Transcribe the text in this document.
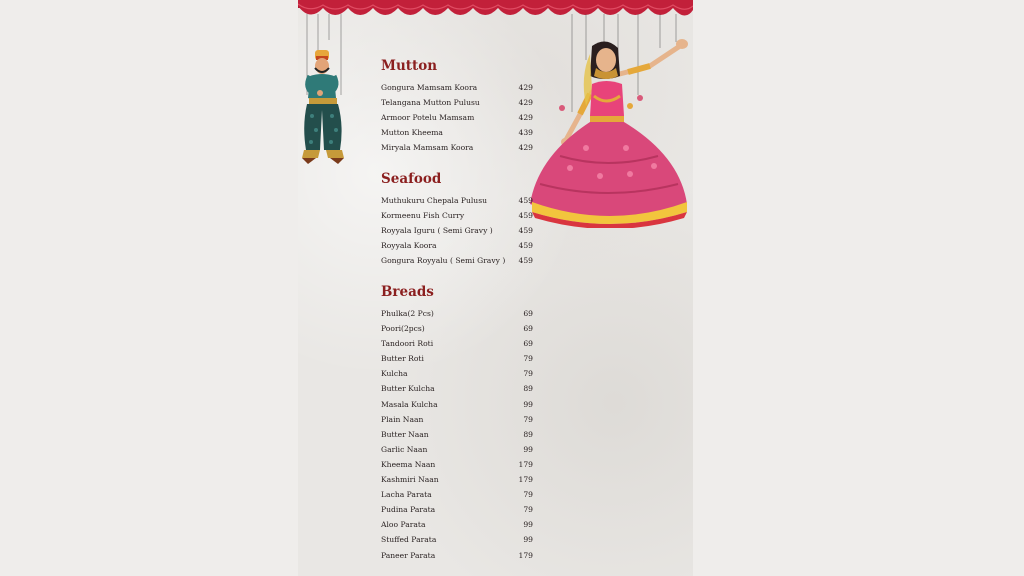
Mutton
Gongura Mamsam Koora	429
Telangana Mutton Pulusu	429
Armoor Potelu Mamsam	429
Mutton Kheema	439
Miryala Mamsam Koora	429
Seafood
Muthukuru Chepala Pulusu	459
Kormeenu Fish Curry	459
Royyala Iguru ( Semi Gravy )	459
Royyala Koora	459
Gongura Royyalu ( Semi Gravy ) 459
Breads
Phulka(2 Pcs)	69
Poori(2pcs)	69
Tandoori Roti	69
Butter Roti	79
Kulcha	79
Butter Kulcha	89
Masala Kulcha	99
Plain Naan	79
Butter Naan	89
Garlic Naan	99
Kheema Naan	179
Kashmiri Naan	179
Lacha Parata	79
Pudina Parata	79
Aloo Parata	99
Stuffed Parata	99
Paneer Parata	179
